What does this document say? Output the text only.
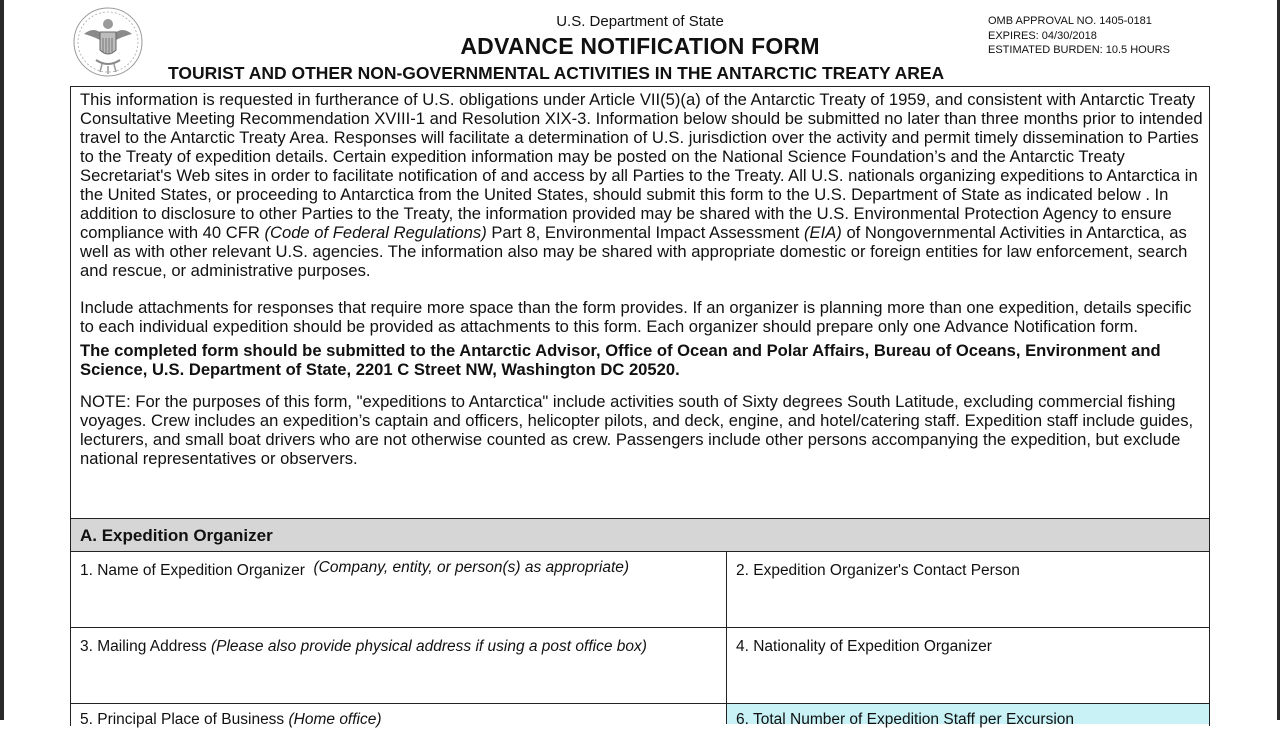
U.S. Department of State
ADVANCE NOTIFICATION FORM
TOURIST AND OTHER NON-GOVERNMENTAL ACTIVITIES IN THE ANTARCTIC TREATY AREA
OMB APPROVAL NO. 1405-0181
EXPIRES: 04/30/2018
ESTIMATED BURDEN: 10.5 HOURS

This information is requested in furtherance of U.S. obligations under Article VII(5)(a) of the Antarctic Treaty of 1959, and consistent with Antarctic Treaty Consultative Meeting Recommendation XVIII-1 and Resolution XIX-3. Information below should be submitted no later than three months prior to intended travel to the Antarctic Treaty Area. Responses will facilitate a determination of U.S. jurisdiction over the activity and permit timely dissemination to Parties to the Treaty of expedition details. Certain expedition information may be posted on the National Science Foundation’s and the Antarctic Treaty Secretariat's Web sites in order to facilitate notification of and access by all Parties to the Treaty. All U.S. nationals organizing expeditions to Antarctica in the United States, or proceeding to Antarctica from the United States, should submit this form to the U.S. Department of State as indicated below . In addition to disclosure to other Parties to the Treaty, the information provided may be shared with the U.S. Environmental Protection Agency to ensure compliance with 40 CFR (Code of Federal Regulations) Part 8, Environmental Impact Assessment (EIA) of Nongovernmental Activities in Antarctica, as well as with other relevant U.S. agencies. The information also may be shared with appropriate domestic or foreign entities for law enforcement, search and rescue, or administrative purposes.

Include attachments for responses that require more space than the form provides. If an organizer is planning more than one expedition, details specific to each individual expedition should be provided as attachments to this form. Each organizer should prepare only one Advance Notification form.

The completed form should be submitted to the Antarctic Advisor, Office of Ocean and Polar Affairs, Bureau of Oceans, Environment and Science, U.S. Department of State, 2201 C Street NW, Washington DC 20520.

NOTE: For the purposes of this form, "expeditions to Antarctica" include activities south of Sixty degrees South Latitude, excluding commercial fishing voyages. Crew includes an expedition’s captain and officers, helicopter pilots, and deck, engine, and hotel/catering staff. Expedition staff include guides, lecturers, and small boat drivers who are not otherwise counted as crew. Passengers include other persons accompanying the expedition, but exclude national representatives or observers.

A. Expedition Organizer
1. Name of Expedition Organizer (Company, entity, or person(s) as appropriate)	2. Expedition Organizer's Contact Person
3. Mailing Address (Please also provide physical address if using a post office box)	4. Nationality of Expedition Organizer
5. Principal Place of Business (Home office)	6. Total Number of Expedition Staff per Excursion
